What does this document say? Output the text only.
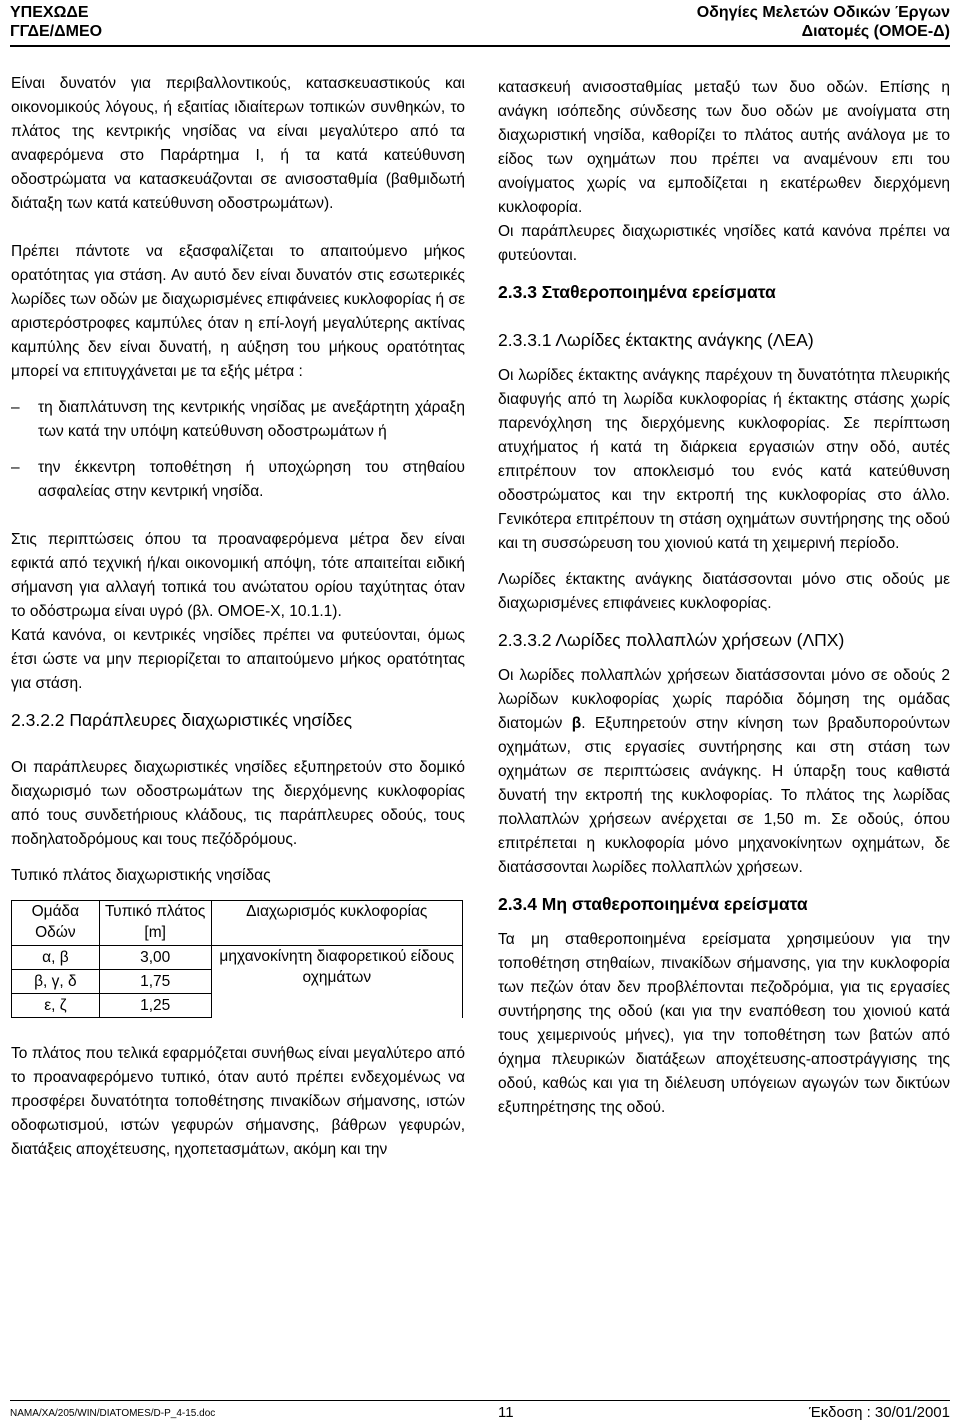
ΥΠΕΧΩΔΕ
ΓΓΔΕ/ΔΜΕΟ
Οδηγίες Μελετών Οδικών Έργων
Διατομές (ΟΜΟΕ-Δ)

Είναι δυνατόν για περιβαλλοντικούς, κατασκευαστικούς και οικονομικούς λόγους, ή εξαιτίας ιδιαίτερων τοπικών συνθηκών, το πλάτος της κεντρικής νησίδας να είναι μεγαλύτερο από τα αναφερόμενα στο Παράρτημα Ι, ή τα κατά κατεύθυνση οδοστρώματα να κατασκευάζονται σε ανισοσταθμία (βαθμιδωτή διάταξη των κατά κατεύθυνση οδοστρωμάτων).

Πρέπει πάντοτε να εξασφαλίζεται το απαιτούμενο μήκος ορατότητας για στάση. Αν αυτό δεν είναι δυνατόν στις εσωτερικές λωρίδες των οδών με διαχωρισμένες επιφάνειες κυκλοφορίας ή σε αριστερόστροφες καμπύλες όταν η επί-λογή μεγαλύτερης ακτίνας καμπύλης δεν είναι δυνατή, η αύξηση του μήκους ορατότητας μπορεί να επιτυγχάνεται με τα εξής μέτρα :

–	τη διαπλάτυνση της κεντρικής νησίδας με ανεξάρτητη χάραξη των κατά την υπόψη κατεύθυνση οδοστρωμάτων ή
–	την έκκεντρη τοποθέτηση ή υποχώρηση του στηθαίου ασφαλείας στην κεντρική νησίδα.

Στις περιπτώσεις όπου τα προαναφερόμενα μέτρα δεν είναι εφικτά από τεχνική ή/και οικονομική απόψη, τότε απαιτείται ειδική σήμανση για αλλαγή τοπικά του ανώτατου ορίου ταχύτητας όταν το οδόστρωμα είναι υγρό (βλ. ΟΜΟΕ-Χ, 10.1.1).

Κατά κανόνα, οι κεντρικές νησίδες πρέπει να φυτεύονται, όμως έτσι ώστε να μην περιορίζεται το απαιτούμενο μήκος ορατότητας για στάση.

2.3.2.2 Παράπλευρες διαχωριστικές νησίδες

Οι παράπλευρες διαχωριστικές νησίδες εξυπηρετούν στο δομικό διαχωρισμό των οδοστρωμάτων της διερχόμενης κυκλοφορίας από τους συνδετήριους κλάδους, τις παράπλευρες οδούς, τους ποδηλατοδρόμους και τους πεζόδρόμους.

Τυπικό πλάτος διαχωριστικής νησίδας

Ομάδα Οδών	Τυπικό πλάτος [m]	Διαχωρισμός κυκλοφορίας
α, β	3,00	μηχανοκίνητη διαφορετικού είδους οχημάτων
β, γ, δ	1,75	
ε, ζ	1,25	

Το πλάτος που τελικά εφαρμόζεται συνήθως είναι μεγαλύτερο από το προαναφερόμενο τυπικό, όταν αυτό πρέπει ενδεχομένως να προσφέρει δυνατότητα τοποθέτησης πινακίδων σήμανσης, ιστών οδοφωτισμού, ιστών γεφυρών σήμανσης, βάθρων γεφυρών, διατάξεις αποχέτευσης, ηχοπετασμάτων, ακόμη και την

κατασκευή ανισοσταθμίας μεταξύ των δυο οδών. Επίσης η ανάγκη ισόπεδης σύνδεσης των δυο οδών με ανοίγματα στη διαχωριστική νησίδα, καθορίζει το πλάτος αυτής ανάλογα με το είδος των οχημάτων που πρέπει να αναμένουν επι του ανοίγματος χωρίς να εμποδίζεται η εκατέρωθεν διερχόμενη κυκλοφορία.

Οι παράπλευρες διαχωριστικές νησίδες κατά κανόνα πρέπει να φυτεύονται.

2.3.3 Σταθεροποιημένα ερείσματα
2.3.3.1 Λωρίδες έκτακτης ανάγκης (ΛΕΑ)

Οι λωρίδες έκτακτης ανάγκης παρέχουν τη δυνατότητα πλευρικής διαφυγής από τη λωρίδα κυκλοφορίας ή έκτακτης στάσης χωρίς παρενόχληση της διερχόμενης κυκλοφορίας. Σε περίπτωση ατυχήματος ή κατά τη διάρκεια εργασιών στην οδό, αυτές επιτρέπουν τον αποκλεισμό του ενός κατά κατεύθυνση οδοστρώματος και την εκτροπή της κυκλοφορίας στο άλλο. Γενικότερα επιτρέπουν τη στάση οχημάτων συντήρησης της οδού και τη συσσώρευση του χιονιού κατά τη χειμερινή περίοδο.

Λωρίδες έκτακτης ανάγκης διατάσσονται μόνο στις οδούς με διαχωρισμένες επιφάνειες κυκλοφορίας.

2.3.3.2 Λωρίδες πολλαπλών χρήσεων (ΛΠΧ)

Οι λωρίδες πολλαπλών χρήσεων διατάσσονται μόνο σε οδούς 2 λωρίδων κυκλοφορίας χωρίς παρόδια δόμηση της ομάδας διατομών β. Εξυπηρετούν στην κίνηση των βραδυπορούντων οχημάτων, στις εργασίες συντήρησης και στη στάση των οχημάτων σε περιπτώσεις ανάγκης. Η ύπαρξη τους καθιστά δυνατή την εκτροπή της κυκλοφορίας. Το πλάτος της λωρίδας πολλαπλών χρήσεων ανέρχεται σε 1,50 m. Σε οδούς, όπου επιτρέπεται η κυκλοφορία μόνο μηχανοκίνητων οχημάτων, δε διατάσσονται λωρίδες πολλαπλών χρήσεων.

2.3.4 Μη σταθεροποιημένα ερείσματα

Τα μη σταθεροποιημένα ερείσματα χρησιμεύουν για την τοποθέτηση στηθαίων, πινακίδων σήμανσης, για την κυκλοφορία των πεζών όταν δεν προβλέπονται πεζοδρόμια, για τις εργασίες συντήρησης της οδού (και για την εναπόθεση του χιονιού κατά τους χειμερινούς μήνες), για την τοποθέτηση των βατών από όχημα πλευρικών διατάξεων αποχέτευσης-αποστράγγισης της οδού, καθώς και για τη διέλευση υπόγειων αγωγών των δικτύων εξυπηρέτησης της οδού.

NAMA/XA/205/WIN/DIATOMES/D-P_4-15.doc	11	Έκδοση : 30/01/2001
